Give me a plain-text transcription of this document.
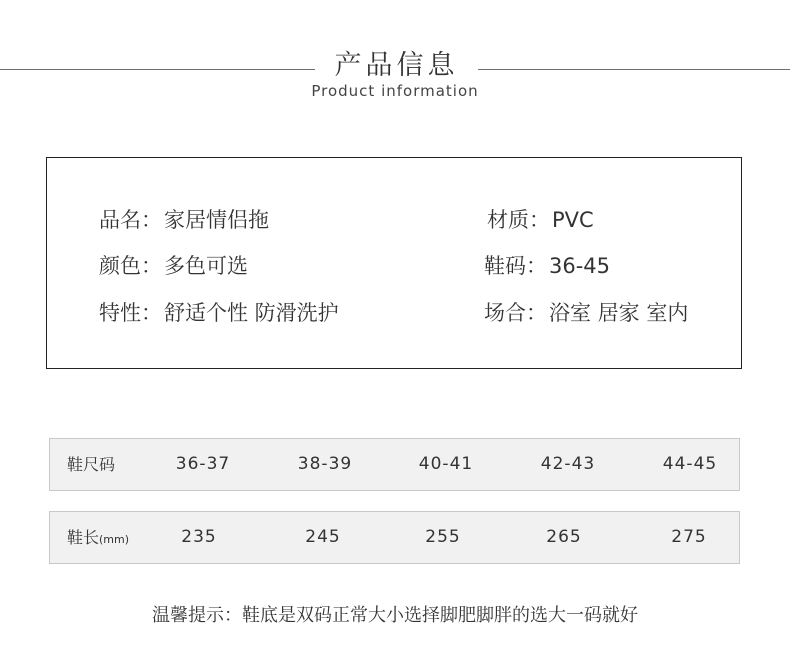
产品信息
Product information
品名：家居情侣拖
颜色：多色可选
特性：舒适个性 防滑洗护
材质：PVC
鞋码：36-45
场合：浴室 居家 室内
鞋尺码	36-37	38-39	40-41	42-43	44-45
鞋长(mm)	235	245	255	265	275
温馨提示：鞋底是双码正常大小选择脚肥脚胖的选大一码就好
